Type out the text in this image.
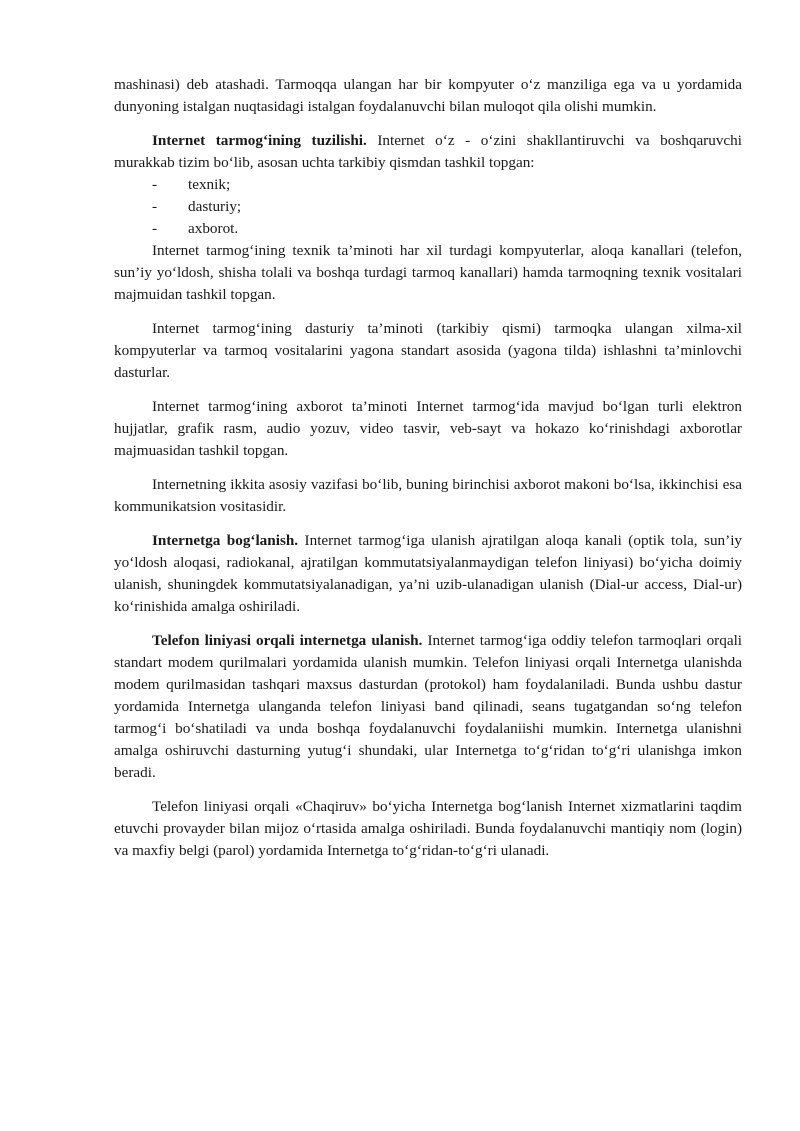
mashinasi) deb atashadi. Tarmoqqa ulangan har bir kompyuter o‘z manziliga ega va u yordamida dunyoning istalgan nuqtasidagi istalgan foydalanuvchi bilan muloqot qila olishi mumkin.

Internet tarmog‘ining tuzilishi. Internet o‘z - o‘zini shakllantiruvchi va boshqaruvchi murakkab tizim bo‘lib, asosan uchta tarkibiy qismdan tashkil topgan:

- texnik;
- dasturiy;
- axborot.

Internet tarmog‘ining texnik ta’minoti har xil turdagi kompyuterlar, aloqa kanallari (telefon, sun’iy yo‘ldosh, shisha tolali va boshqa turdagi tarmoq kanallari) hamda tarmoqning texnik vositalari majmuidan tashkil topgan.

Internet tarmog‘ining dasturiy ta’minoti (tarkibiy qismi) tarmoqka ulangan xilma-xil kompyuterlar va tarmoq vositalarini yagona standart asosida (yagona tilda) ishlashni ta’minlovchi dasturlar.

Internet tarmog‘ining axborot ta’minoti Internet tarmog‘ida mavjud bo‘lgan turli elektron hujjatlar, grafik rasm, audio yozuv, video tasvir, veb-sayt va hokazo ko‘rinishdagi axborotlar majmuasidan tashkil topgan.

Internetning ikkita asosiy vazifasi bo‘lib, buning birinchisi axborot makoni bo‘lsa, ikkinchisi esa kommunikatsion vositasidir.

Internetga bog‘lanish. Internet tarmog‘iga ulanish ajratilgan aloqa kanali (optik tola, sun’iy yo‘ldosh aloqasi, radiokanal, ajratilgan kommutatsiyalanmaydigan telefon liniyasi) bo‘yicha doimiy ulanish, shuningdek kommutatsiyalanadigan, ya’ni uzib-ulanadigan ulanish (Dial-ur access, Dial-ur) ko‘rinishida amalga oshiriladi.

Telefon liniyasi orqali internetga ulanish. Internet tarmog‘iga oddiy telefon tarmoqlari orqali standart modem qurilmalari yordamida ulanish mumkin. Telefon liniyasi orqali Internetga ulanishda modem qurilmasidan tashqari maxsus dasturdan (protokol) ham foydalaniladi. Bunda ushbu dastur yordamida Internetga ulanganda telefon liniyasi band qilinadi, seans tugatgandan so‘ng telefon tarmog‘i bo‘shatiladi va unda boshqa foydalanuvchi foydalaniishi mumkin. Internetga ulanishni amalga oshiruvchi dasturning yutug‘i shundaki, ular Internetga to‘g‘ridan to‘g‘ri ulanishga imkon beradi.

Telefon liniyasi orqali «Chaqiruv» bo‘yicha Internetga bog‘lanish Internet xizmatlarini taqdim etuvchi provayder bilan mijoz o‘rtasida amalga oshiriladi. Bunda foydalanuvchi mantiqiy nom (login) va maxfiy belgi (parol) yordamida Internetga to‘g‘ridan-to‘g‘ri ulanadi.
